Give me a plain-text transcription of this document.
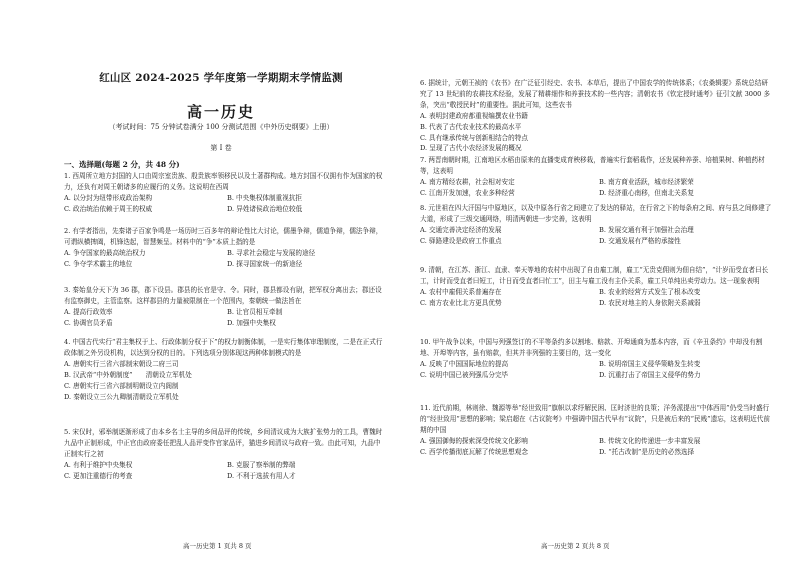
红山区 2024-2025 学年度第一学期期末学情监测
高一历史
（考试时间：75 分钟试卷满分 100 分测试范围《中外历史纲要》上册）
第 I 卷
一、选择题(每题 2 分，共 48 分)
1. 西周所立地方封国的人口由周宗室贵族、殷贵族率领移民以及土著群构成。地方封国不仅拥有作为国家的权力，还负有对周王朝诸多的应履行的义务。这说明在西周
A. 以分封为纽带形成政治架构	B. 中央集权体制重视抗拒
C. 政治统治依赖于周王的权威	D. 异姓诸侯政治地位较低
2. 有学者指出，先秦诸子百家争鸣是一场历时三百多年的辩论性比大讨论，儒墨争辩，儒道争辩，儒法争辩，可谓纵横捭阖，机锋迭起，智慧频呈。材料中的“争”本质上指的是
A. 争夺国家的最高统治权力	B. 寻求社会稳定与发展的途径
C. 争夺学术霸主的地位	D. 探寻国家统一的新途径
3. 秦始皇分天下为 36 郡，郡下设县。郡县的长官是守、令。同时，郡县都设有尉，把军权分离出去；郡还设有监察御史，主管监察。这样郡县的力量被限制在一个范围内，秦朝统一做法旨在
A. 提高行政效率	B. 让官员相互牵制
C. 协调官员矛盾	D. 加强中央集权
4. 中国古代实行“君主集权于上、行政体制分权于下”的权力制衡体制，一是实行集体审理制度，二是在正式行政体制之外另设机构，以达到分权的目的。下列选项分别体现这两种体制模式的是
A. 唐朝实行三省六部制宋朝设二府三司
B. 汉武帝“中外朝制度”　　清朝设立军机处
C. 唐朝实行三省六部制明朝设立内阁制
D. 秦朝设立三公九卿制清朝设立军机处
5. 宋仅时，邪举制逐渐形成了由本乡名士主导的乡间品评的传统，乡间清议成为大族扩张势力的工具，曹魏时九品中正制形成，中正官由政府委任把乱人品评变作官家品评，猫进乡间清议与政府一致。由此可知，九品中正制实行之初
A. 有利于维护中央集权	B. 克服了察举制的弊端
C. 更加注重德行的考查	D. 不利于选拔有用人才
6. 据统计，元朝王祯的《农书》在广泛征引经史、农书、本草后，提出了中国农学的传统体系；《农桑辑要》系统总结研究了 13 世纪前的农耕技术经验，发展了精耕细作和养蚕技术的一些内容；清朝农书《钦定授时通考》征引文献 3000 多条，突出“敬授民时”的重要性。据此可知，这些农书
A. 表明封建政府都重视编撰农业书籍
B. 代表了古代农业技术的最高水平
C. 具有继承传统与创新相结合的特点
D. 呈现了古代小农经济发展的概况
7. 两晋南朝时期，江南地区水稻由原来的直播变成育秧移栽，普遍实行套稻栽作，还发展种养蚕、培植果树、种植药材等，这表明
A. 南方精经农耕，社会相对安定	B. 南方商业活跃，城市经济繁荣
C. 江南开发加速，农业多种经营	D. 经济重心南移，但南北关系复
8. 元世祖在四大汗国与中原地区，以及中原各行省之间建立了发达的驿站，在行省之下的每条府之间、府与县之间修建了大道，形成了三级交通网络，明清两朝进一步完善，这表明
A. 交通完善决定经济的发展	B. 发展交通有利于加强社会治理
C. 驿路建设是政府工作重点	D. 交通发展有严格的承接性
9. 清朝，在江苏、浙江、直隶、奉天等地的农村中出现了自由雇工制，雇工“无贵克佣则为佃自结”，“计岁而受直者曰长工，计时而受直者曰短工，计日而受直者曰忙工”，田主与雇工没有主仆关系，雇工只单纯出卖劳动力。这一现象表明
A. 农村中雇佣关系普遍存在	B. 农业的经营方式发生了根本改变
C. 南方农业比北方更具优势	D. 农民对地主的人身依附关系减弱
10. 甲午战争以来，中国与列强签订的不平等条约多以割地、赔款、开埠通商为基本内容，而《辛丑条约》中却没有割地、开埠等内容，虽有赔款，但其并非列强的主要目的，这一变化
A. 反映了中国国际地位的提高	B. 说明帝国主义侵华策略发生转变
C. 说明中国已被列强瓜分完毕	D. 沉重打击了帝国主义侵华的势力
11. 近代前期，林则徐、魏源等举“经世致用”旗帜以求纾解民困、匡时济世的良策；洋务派提出“中体西用”仍受当时盛行的“经世致用”思想的影响；梁启超在《古议院考》中强调中国古代早有“议院”，只是被后来的“民贱”遗忘，这表明近代前期的中国
A. 强国御侮的探索深受传统文化影响	B. 传统文化的传递进一步丰富发展
C. 西学传播彻底瓦解了传统思想观念	D. “托古改制”是历史的必然选择
高一历史第 1 页共 8 页	高一历史第 2 页共 8 页
